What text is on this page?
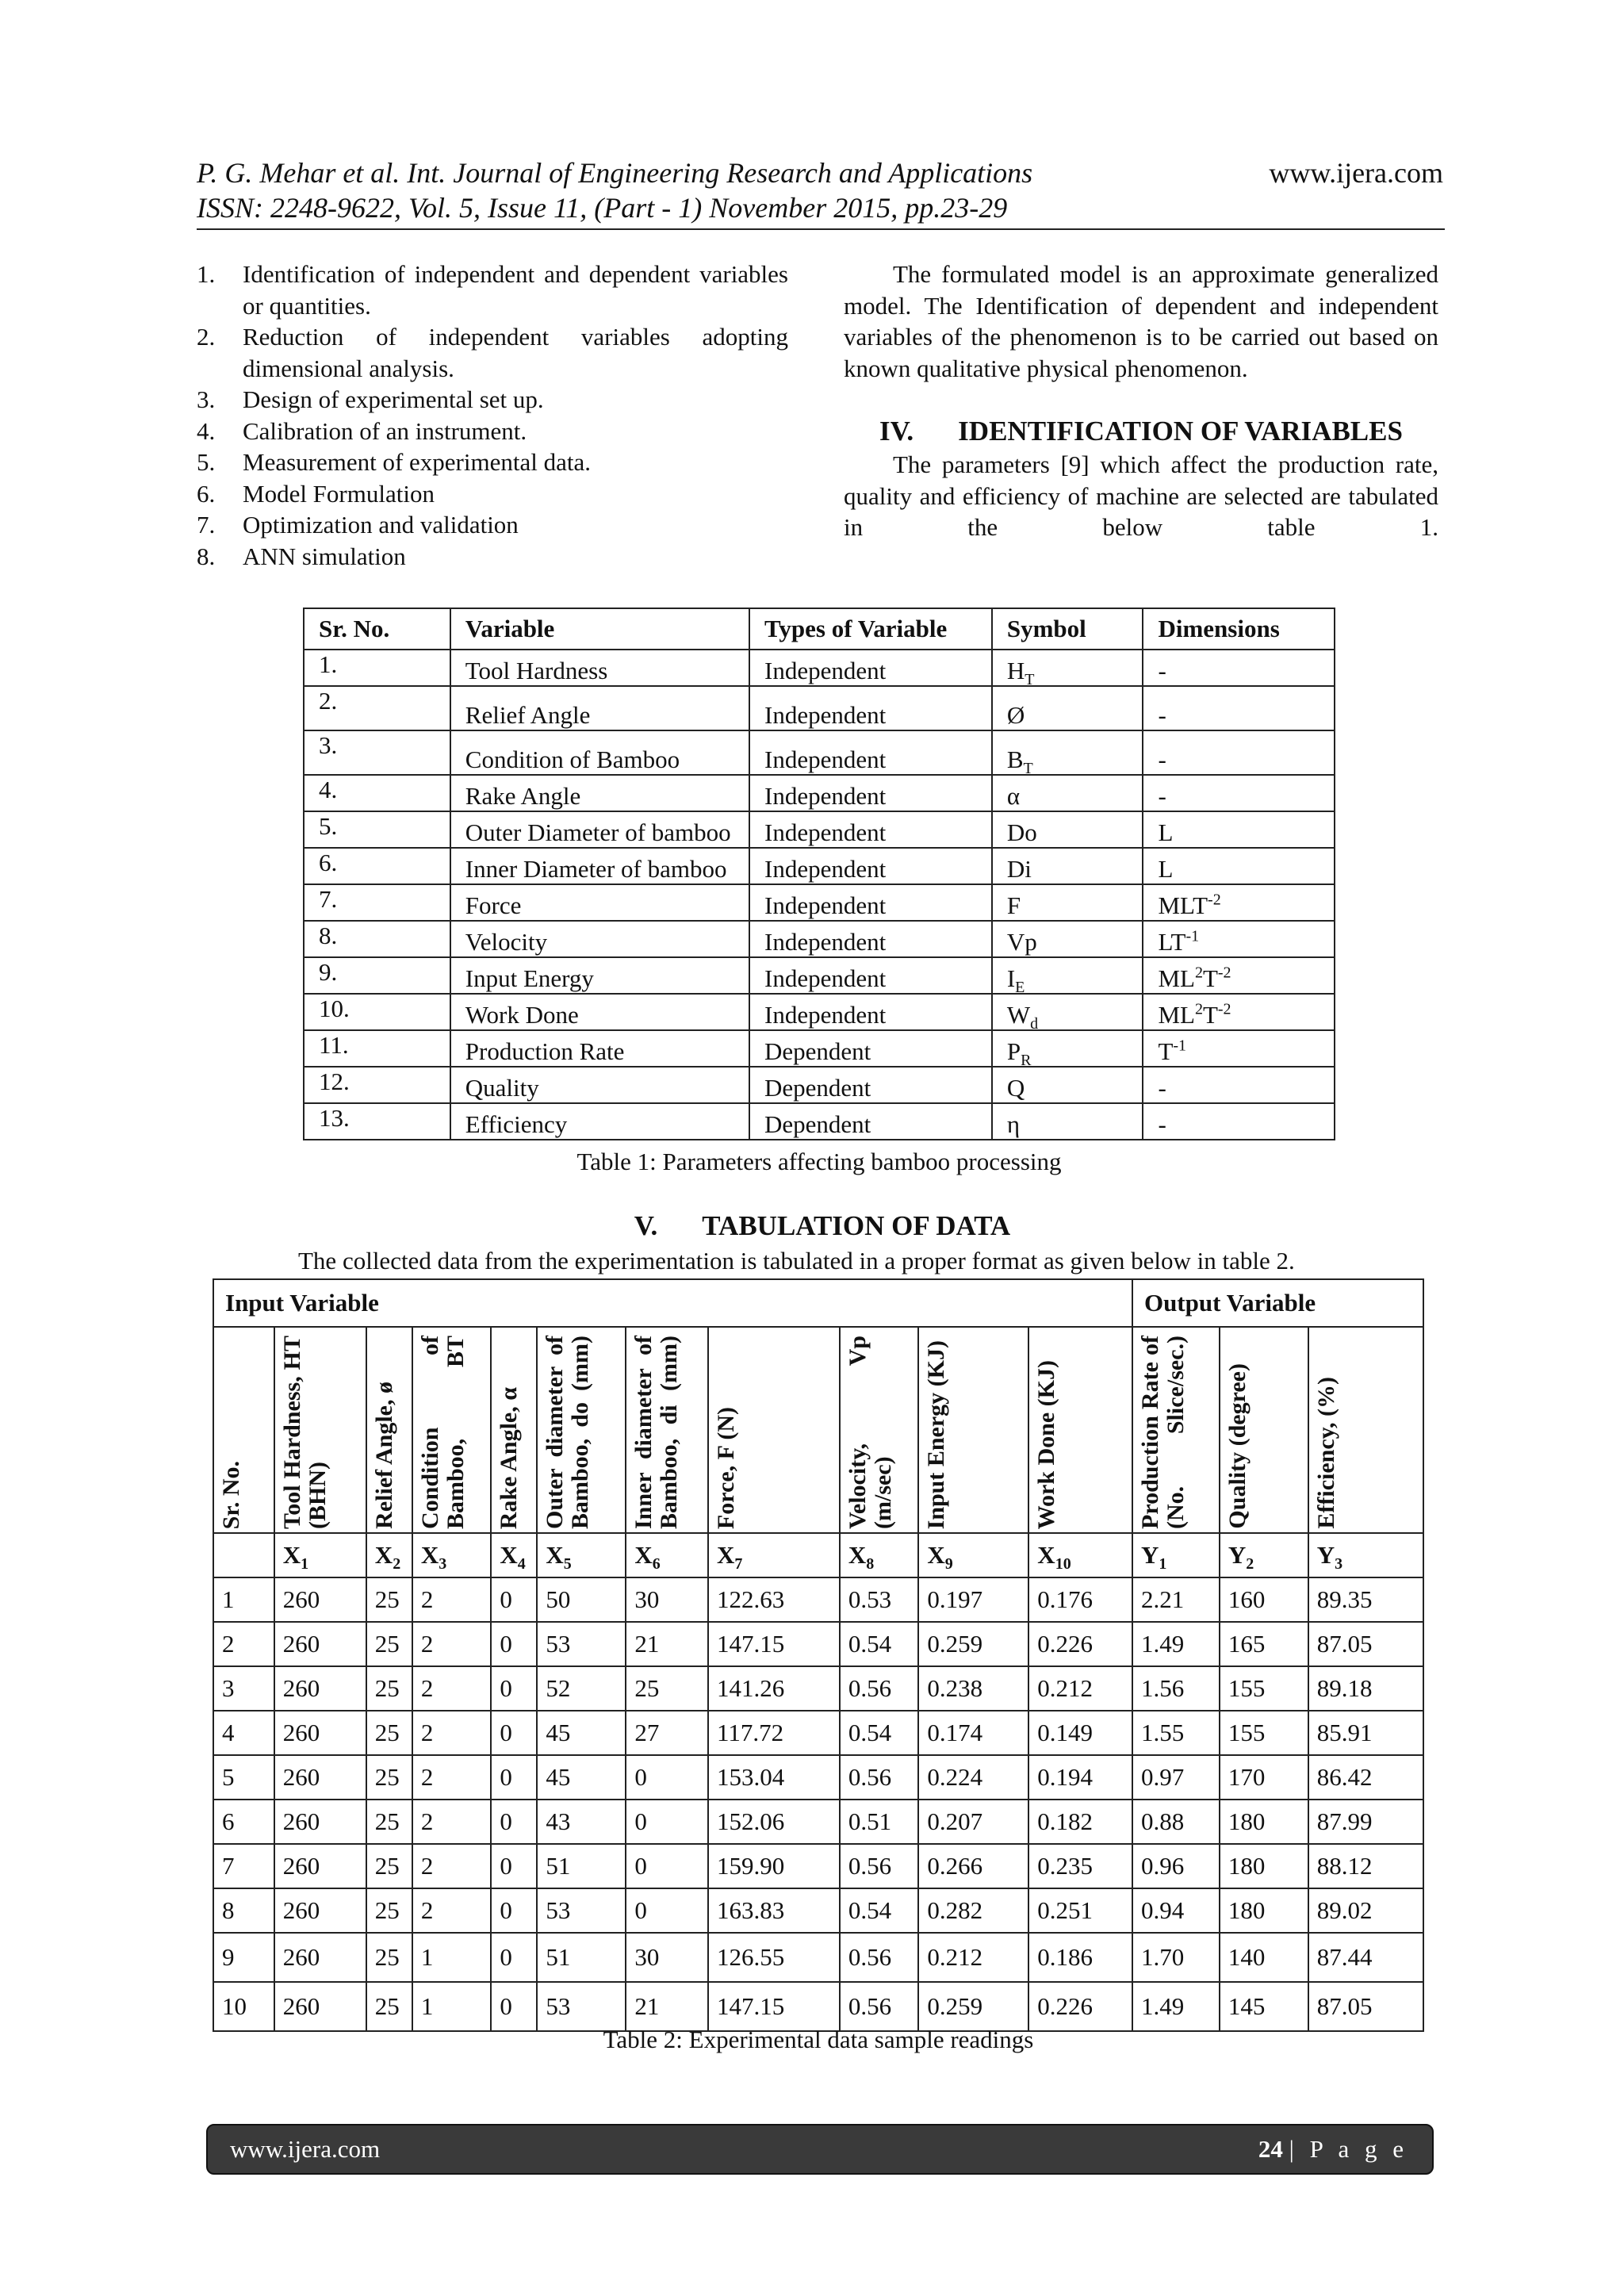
P. G. Mehar et al. Int. Journal of Engineering Research and Applications	www.ijera.com
ISSN: 2248-9622, Vol. 5, Issue 11, (Part - 1) November 2015, pp.23-29
1.	Identification of independent and dependent variables or quantities.
2.	Reduction of independent variables adopting dimensional analysis.
3.	Design of experimental set up.
4.	Calibration of an instrument.
5.	Measurement of experimental data.
6.	Model Formulation
7.	Optimization and validation
8.	ANN simulation

The formulated model is an approximate generalized model. The Identification of dependent and independent variables of the phenomenon is to be carried out based on known qualitative physical phenomenon.

IV. IDENTIFICATION OF VARIABLES

The parameters [9] which affect the production rate, quality and efficiency of machine are selected are tabulated in the below table 1.

Sr. No.	Variable	Types of Variable	Symbol	Dimensions
1.	Tool Hardness	Independent	$H_T$	-
2.	Relief Angle	Independent	Ø	-
3.	Condition of Bamboo	Independent	$B_T$	-
4.	Rake Angle	Independent	α	-
5.	Outer Diameter of bamboo	Independent	Do	L
6.	Inner Diameter of bamboo	Independent	Di	L
7.	Force	Independent	F	$MLT^{-2}$
8.	Velocity	Independent	Vp	$LT^{-1}$
9.	Input Energy	Independent	$I_E$	$ML^2T^{-2}$
10.	Work Done	Independent	$W_d$	$ML^2T^{-2}$
11.	Production Rate	Dependent	$P_R$	$T^{-1}$
12.	Quality	Dependent	Q	-
13.	Efficiency	Dependent	η	-
Table 1: Parameters affecting bamboo processing
V. TABULATION OF DATA
The collected data from the experimentation is tabulated in a proper format as given below in table 2.
Input Variable											Output Variable		

Sr. No.	Tool Hardness, HT (BHN)	Relief Angle, ø	Condition of Bamboo, BT	Rake Angle, α	Outer diameter of Bamboo, do (mm)	Inner diameter of Bamboo, di (mm)	Force, F (N)	Velocity, Vp (m/sec)	Input Energy (KJ)	Work Done (KJ)	Production Rate of (No. Slice/sec.)	Quality (degree)	Efficiency, (%)

	$X_1$	$X_2$	$X_3$	$X_4$	$X_5$	$X_6$	$X_7$	$X_8$	$X_9$	$X_{10}$	$Y_1$	$Y_2$	$Y_3$
1	260	25	2	0	50	30	122.63	0.53	0.197	0.176	2.21	160	89.35
2	260	25	2	0	53	21	147.15	0.54	0.259	0.226	1.49	165	87.05
3	260	25	2	0	52	25	141.26	0.56	0.238	0.212	1.56	155	89.18
4	260	25	2	0	45	27	117.72	0.54	0.174	0.149	1.55	155	85.91
5	260	25	2	0	45	0	153.04	0.56	0.224	0.194	0.97	170	86.42
6	260	25	2	0	43	0	152.06	0.51	0.207	0.182	0.88	180	87.99
7	260	25	2	0	51	0	159.90	0.56	0.266	0.235	0.96	180	88.12
8	260	25	2	0	53	0	163.83	0.54	0.282	0.251	0.94	180	89.02
9	260	25	1	0	51	30	126.55	0.56	0.212	0.186	1.70	140	87.44
10	260	25	1	0	53	21	147.15	0.56	0.259	0.226	1.49	145	87.05
Table 2: Experimental data sample readings
www.ijera.com	24 | P a g e
